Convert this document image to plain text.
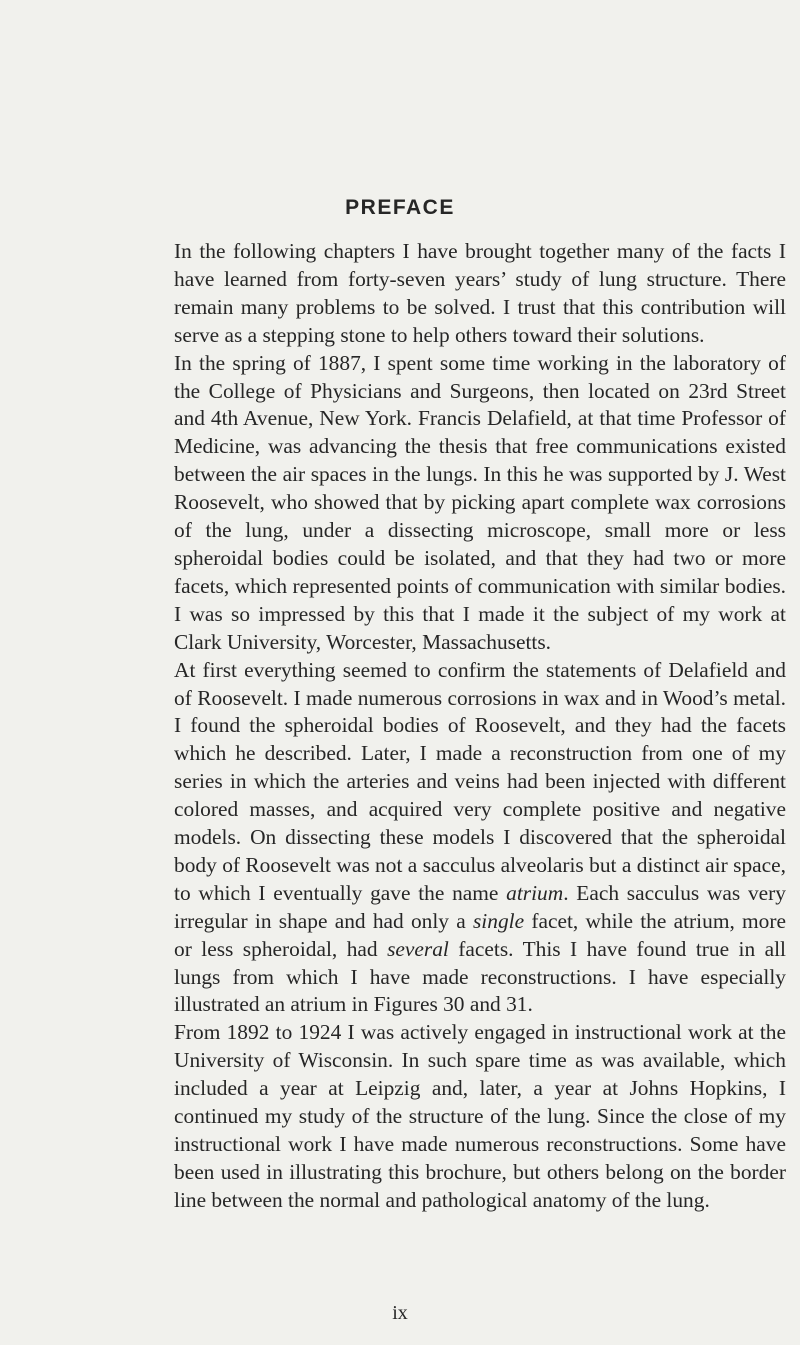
PREFACE

In the following chapters I have brought together many of the facts I have learned from forty-seven years’ study of lung structure. There remain many problems to be solved. I trust that this contribution will serve as a stepping stone to help others toward their solutions.

In the spring of 1887, I spent some time working in the laboratory of the College of Physicians and Surgeons, then located on 23rd Street and 4th Avenue, New York. Francis Delafield, at that time Professor of Medicine, was advancing the thesis that free communications existed between the air spaces in the lungs. In this he was supported by J. West Roosevelt, who showed that by picking apart complete wax corrosions of the lung, under a dissecting microscope, small more or less spheroidal bodies could be isolated, and that they had two or more facets, which represented points of communication with similar bodies. I was so impressed by this that I made it the subject of my work at Clark University, Worcester, Massachusetts.

At first everything seemed to confirm the statements of Delafield and of Roosevelt. I made numerous corrosions in wax and in Wood’s metal. I found the spheroidal bodies of Roosevelt, and they had the facets which he described. Later, I made a reconstruction from one of my series in which the arteries and veins had been injected with different colored masses, and acquired very complete positive and negative models. On dissecting these models I discovered that the spheroidal body of Roosevelt was not a sacculus alveolaris but a distinct air space, to which I eventually gave the name atrium. Each sacculus was very irregular in shape and had only a single facet, while the atrium, more or less spheroidal, had several facets. This I have found true in all lungs from which I have made reconstructions. I have especially illustrated an atrium in Figures 30 and 31.

From 1892 to 1924 I was actively engaged in instructional work at the University of Wisconsin. In such spare time as was available, which included a year at Leipzig and, later, a year at Johns Hopkins, I continued my study of the structure of the lung. Since the close of my instructional work I have made numerous reconstructions. Some have been used in illustrating this brochure, but others belong on the border line between the normal and pathological anatomy of the lung.

ix
